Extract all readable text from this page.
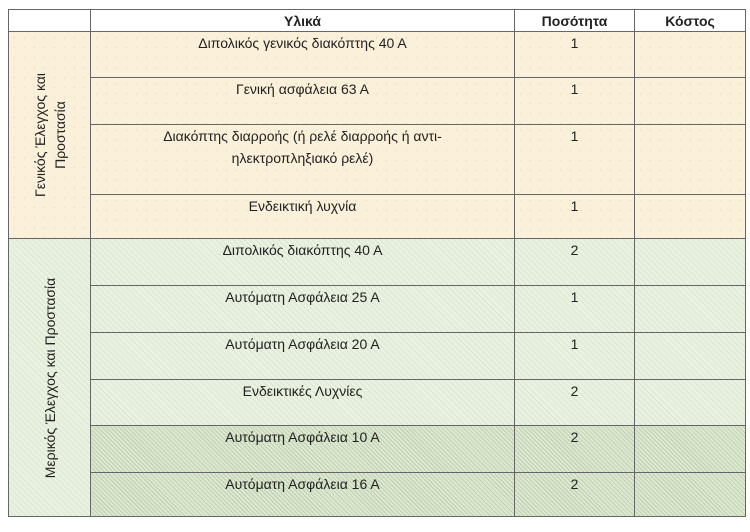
	Υλικά	Ποσότητα	Κόστος

Γενικός Έλεγχος και Προστασία	Διπολικός γενικός διακόπτης 40 Α	1	
	Γενική ασφάλεια 63 Α	1	
	Διακόπτης διαρροής (ή ρελέ διαρροής ή αντι-ηλεκτροπληξιακό ρελέ)	1	
	Ενδεικτική λυχνία	1	

Μερικός Έλεγχος και Προστασία	Διπολικός διακόπτης 40 Α	2	
	Αυτόματη Ασφάλεια 25 Α	1	
	Αυτόματη Ασφάλεια 20 Α	1	
	Ενδεικτικές Λυχνίες	2	
	Αυτόματη Ασφάλεια 10 Α	2	
	Αυτόματη Ασφάλεια 16 Α	2	
